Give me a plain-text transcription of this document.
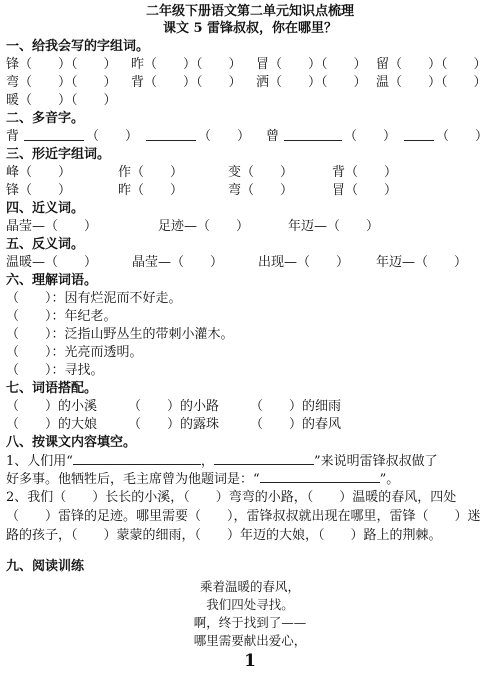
二年级下册语文第二单元知识点梳理
课文 5 雷锋叔叔，你在哪里？
一、给我会写的字组词。
锋（　　）（　　） 昨（　　）（　　） 冒（　　）（　　） 留（　　）（　　）
弯（　　）（　　） 背（　　）（　　） 洒（　　）（　　） 温（　　）（　　）
暖（　　）（　　）
二、多音字。
背	（　　）	（　　） 曾	（　　）	（　　）
三、形近字组词。
峰（　　）	作（　　）	变（　　）	背（　　）
锋（　　）	昨（　　）	弯（　　）	冒（　　）
四、近义词。
晶莹—（　　）	足迹—（　　）	年迈—（　　）
五、反义词。
温暖—（　　）	晶莹—（　　）	出现—（　　） 年迈—（　　）
六、理解词语。
（　　）：因有烂泥而不好走。
（　　）：年纪老。
（　　）：泛指山野丛生的带刺小灌木。
（　　）：光亮而透明。
（　　）：寻找。
七、词语搭配。
（　　）的小溪 （　　）的小路 （　　）的细雨
（　　）的大娘 （　　）的露珠 （　　）的春风
八、按课文内容填空。
1、人们用“	，	”来说明雷锋叔叔做了
好多事。他牺牲后，毛主席曾为他题词是：“	”。
2、我们（　　）长长的小溪，（　　）弯弯的小路，（　　）温暖的春风，四处（　　）雷锋的足迹。哪里需要（　　），雷锋叔叔就出现在哪里，雷锋（　　）迷路的孩子，（　　）蒙蒙的细雨，（　　）年迈的大娘，（　　）路上的荆棘。
九、阅读训练
乘着温暖的春风，
我们四处寻找。
啊，终于找到了——
哪里需要献出爱心，
1
